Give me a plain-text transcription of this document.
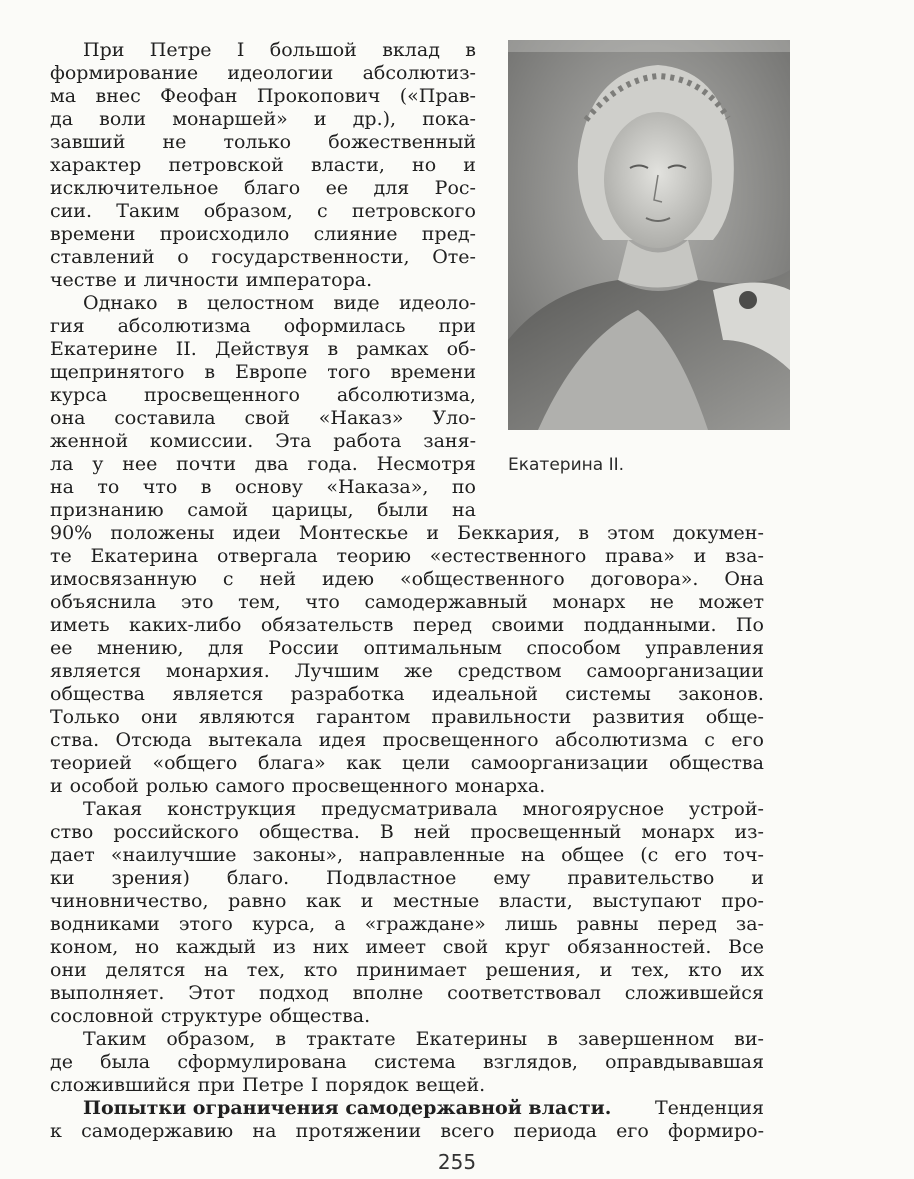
Екатерина II.
При Петре I большой вклад в
формирование идеологии абсолютиз-
ма внес Феофан Прокопович («Прав-
да воли монаршей» и др.), пока-
завший не только божественный
характер петровской власти, но и
исключительное благо ее для Рос-
сии. Таким образом, с петровского
времени происходило слияние пред-
ставлений о государственности, Оте-
честве и личности императора.
Однако в целостном виде идеоло-
гия абсолютизма оформилась при
Екатерине II. Действуя в рамках об-
щепринятого в Европе того времени
курса просвещенного абсолютизма,
она составила свой «Наказ» Уло-
женной комиссии. Эта работа заня-
ла у нее почти два года. Несмотря
на то что в основу «Наказа», по
признанию самой царицы, были на
90% положены идеи Монтескье и Беккария, в этом докумен-
те Екатерина отвергала теорию «естественного права» и вза-
имосвязанную с ней идею «общественного договора». Она
объяснила это тем, что самодержавный монарх не может
иметь каких-либо обязательств перед своими подданными. По
ее мнению, для России оптимальным способом управления
является монархия. Лучшим же средством самоорганизации
общества является разработка идеальной системы законов.
Только они являются гарантом правильности развития обще-
ства. Отсюда вытекала идея просвещенного абсолютизма с его
теорией «общего блага» как цели самоорганизации общества
и особой ролью самого просвещенного монарха.
Такая конструкция предусматривала многоярусное устрой-
ство российского общества. В ней просвещенный монарх из-
дает «наилучшие законы», направленные на общее (с его точ-
ки зрения) благо. Подвластное ему правительство и
чиновничество, равно как и местные власти, выступают про-
водниками этого курса, а «граждане» лишь равны перед за-
коном, но каждый из них имеет свой круг обязанностей. Все
они делятся на тех, кто принимает решения, и тех, кто их
выполняет. Этот подход вполне соответствовал сложившейся
сословной структуре общества.
Таким образом, в трактате Екатерины в завершенном ви-
де была сформулирована система взглядов, оправдывавшая
сложившийся при Петре I порядок вещей.
Попытки ограничения самодержавной власти. Тенденция
к самодержавию на протяжении всего периода его формиро-
255
